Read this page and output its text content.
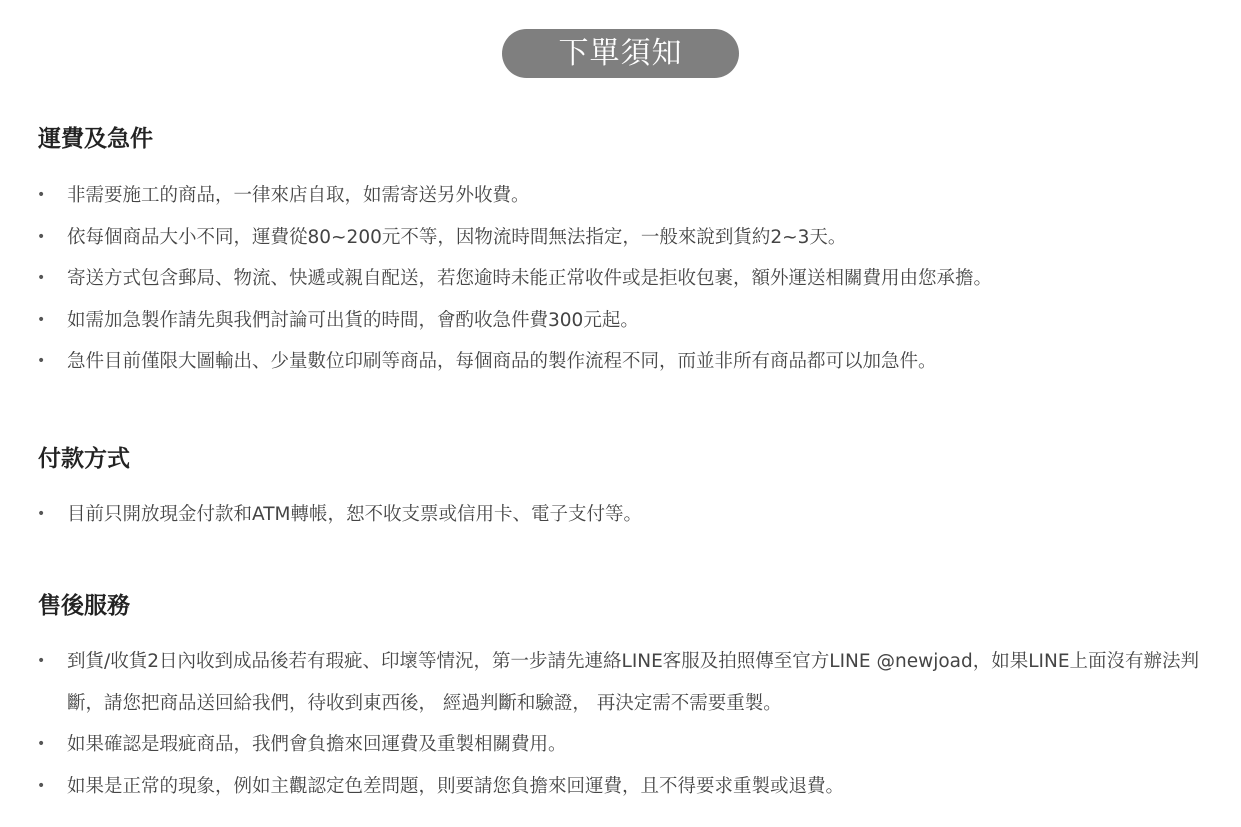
下單須知
運費及急件
• 非需要施工的商品，一律來店自取，如需寄送另外收費。
• 依每個商品大小不同，運費從80~200元不等，因物流時間無法指定，一般來說到貨約2~3天。
• 寄送方式包含郵局、物流、快遞或親自配送，若您逾時未能正常收件或是拒收包裹，額外運送相關費用由您承擔。
• 如需加急製作請先與我們討論可出貨的時間，會酌收急件費300元起。
• 急件目前僅限大圖輸出、少量數位印刷等商品，每個商品的製作流程不同，而並非所有商品都可以加急件。
付款方式
• 目前只開放現金付款和ATM轉帳，恕不收支票或信用卡、電子支付等。
售後服務
• 到貨/收貨2日內收到成品後若有瑕疵、印壞等情況，第一步請先連絡LINE客服及拍照傳至官方LINE @newjoad，如果LINE上面沒有辦法判斷，請您把商品送回給我們，待收到東西後， 經過判斷和驗證， 再決定需不需要重製。
• 如果確認是瑕疵商品，我們會負擔來回運費及重製相關費用。
• 如果是正常的現象，例如主觀認定色差問題，則要請您負擔來回運費，且不得要求重製或退費。
